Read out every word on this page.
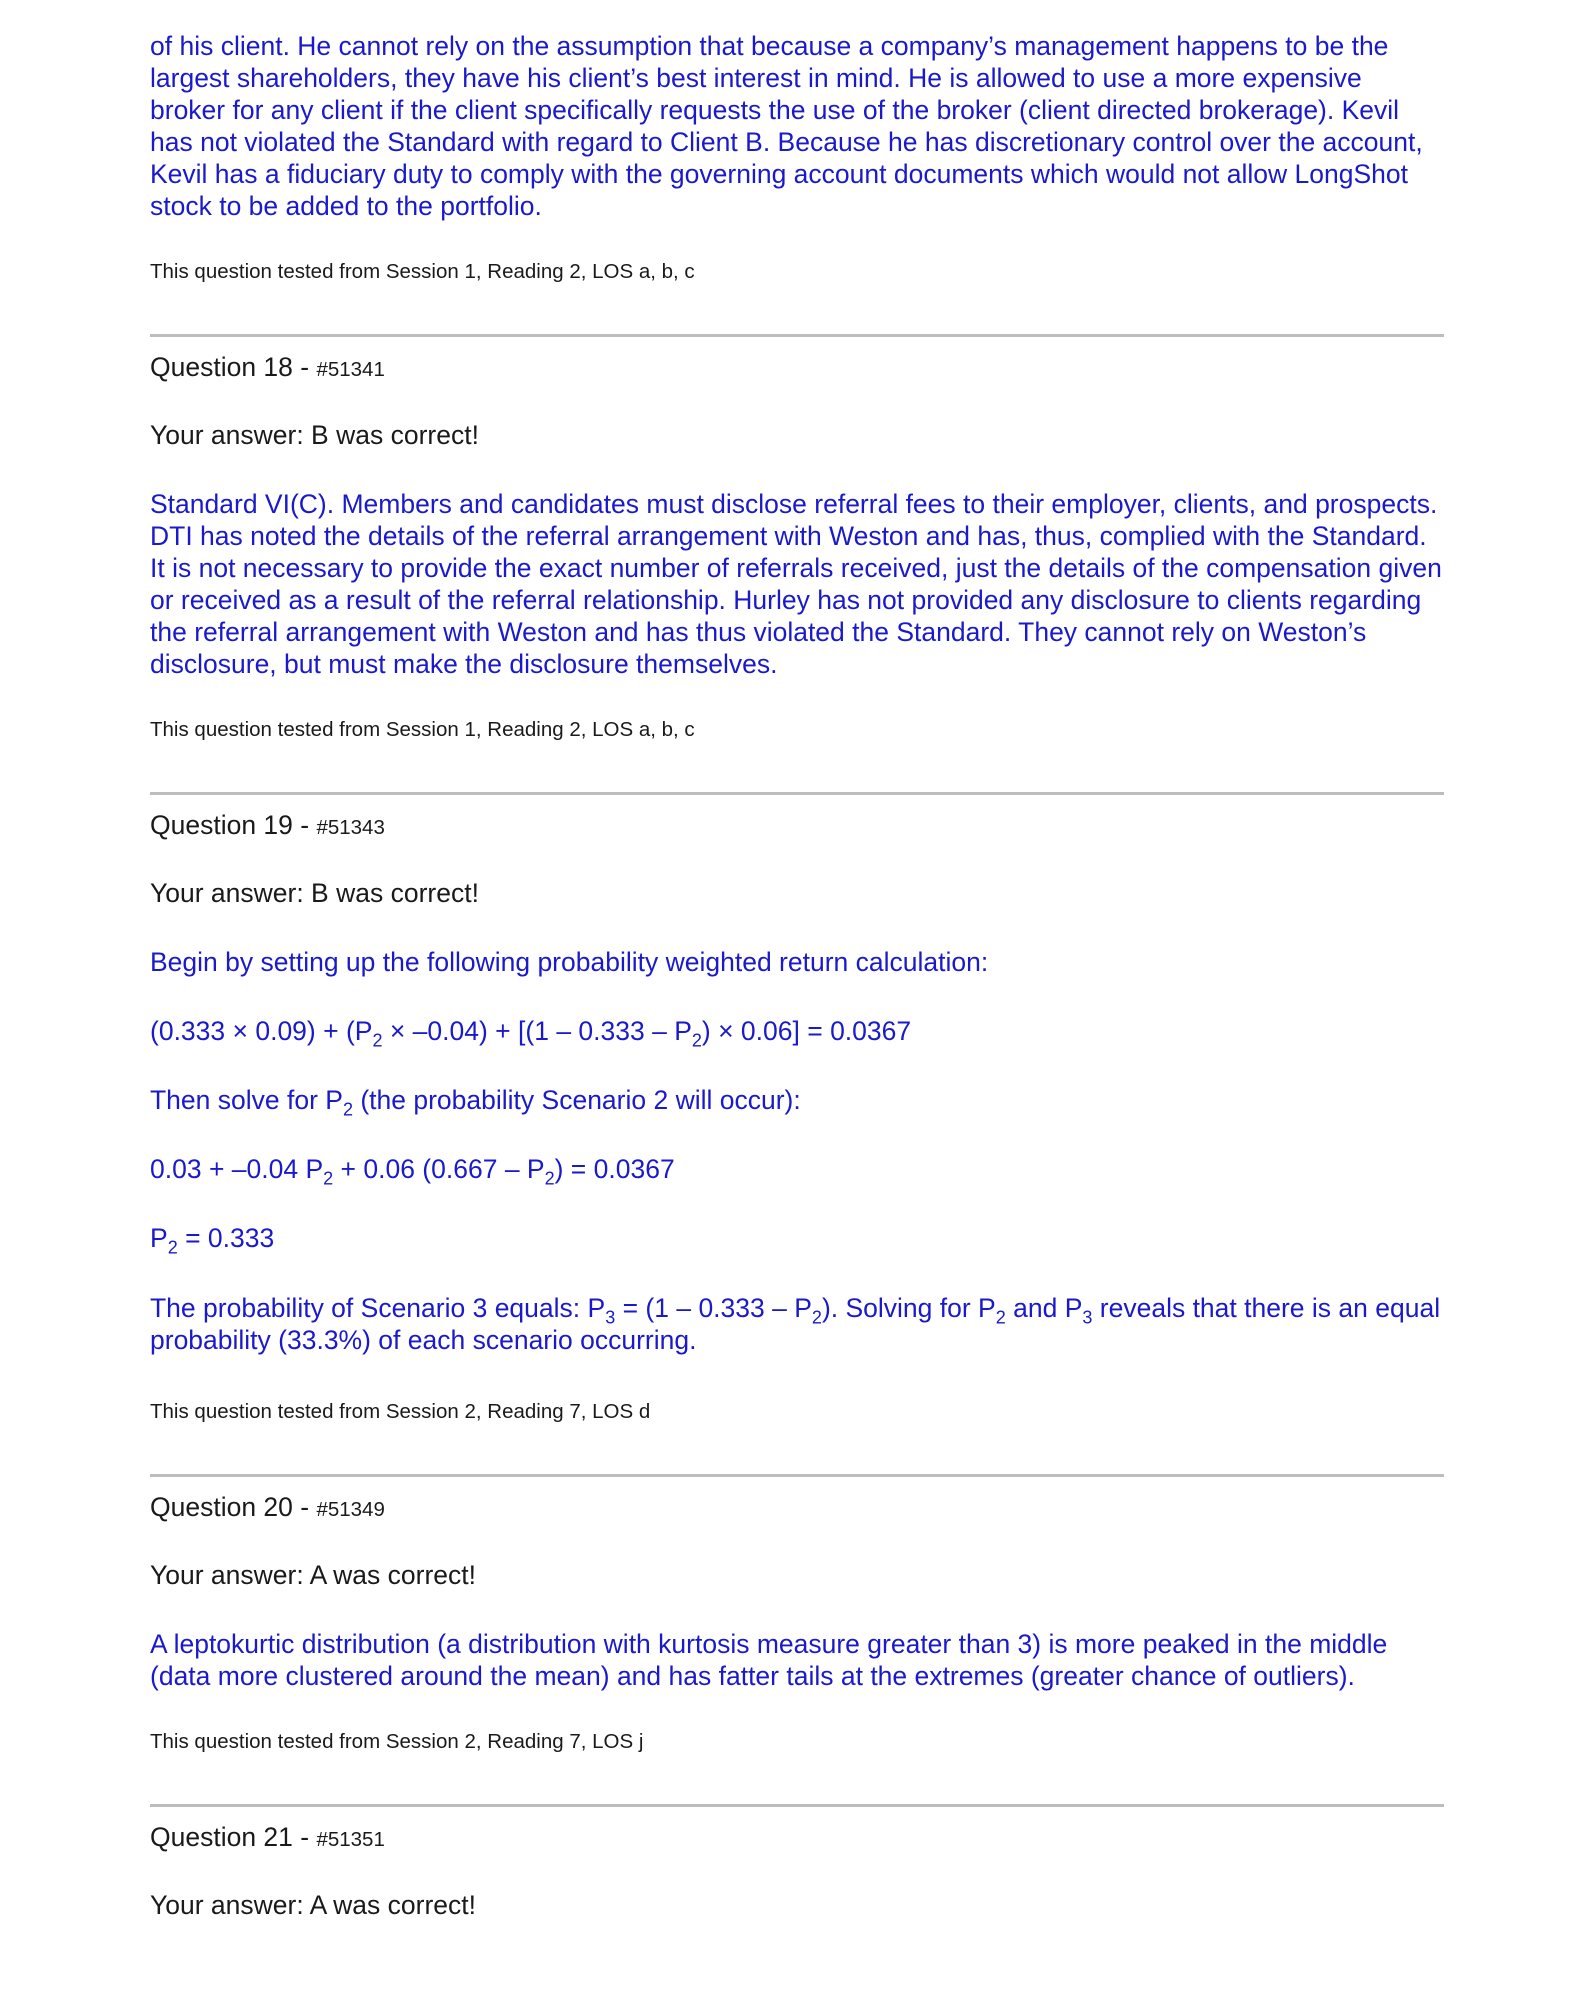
of his client. He cannot rely on the assumption that because a company’s management happens to be the largest shareholders, they have his client’s best interest in mind. He is allowed to use a more expensive broker for any client if the client specifically requests the use of the broker (client directed brokerage). Kevil has not violated the Standard with regard to Client B. Because he has discretionary control over the account, Kevil has a fiduciary duty to comply with the governing account documents which would not allow LongShot stock to be added to the portfolio.

This question tested from Session 1, Reading 2, LOS a, b, c

Question 18 - #51341

Your answer: B was correct!

Standard VI(C). Members and candidates must disclose referral fees to their employer, clients, and prospects. DTI has noted the details of the referral arrangement with Weston and has, thus, complied with the Standard. It is not necessary to provide the exact number of referrals received, just the details of the compensation given or received as a result of the referral relationship. Hurley has not provided any disclosure to clients regarding the referral arrangement with Weston and has thus violated the Standard. They cannot rely on Weston’s disclosure, but must make the disclosure themselves.

This question tested from Session 1, Reading 2, LOS a, b, c

Question 19 - #51343

Your answer: B was correct!

Begin by setting up the following probability weighted return calculation:

$(0.333 \times 0.09) + (P_2 \times -0.04) + [(1 - 0.333 - P_2) \times 0.06] = 0.0367$

Then solve for $P_2$ (the probability Scenario 2 will occur):

0.03 + –0.04 $P_2 + 0.06$ $(0.667 - P_2) = 0.0367$

$P_2 = 0.333$

The probability of Scenario 3 equals: $P_3 = (1 - 0.333 - P_2)$. Solving for $P_2$ and $P_3$ reveals that there is an equal probability (33.3%) of each scenario occurring.

This question tested from Session 2, Reading 7, LOS d

Question 20 - #51349

Your answer: A was correct!

A leptokurtic distribution (a distribution with kurtosis measure greater than 3) is more peaked in the middle (data more clustered around the mean) and has fatter tails at the extremes (greater chance of outliers).

This question tested from Session 2, Reading 7, LOS j

Question 21 - #51351

Your answer: A was correct!
